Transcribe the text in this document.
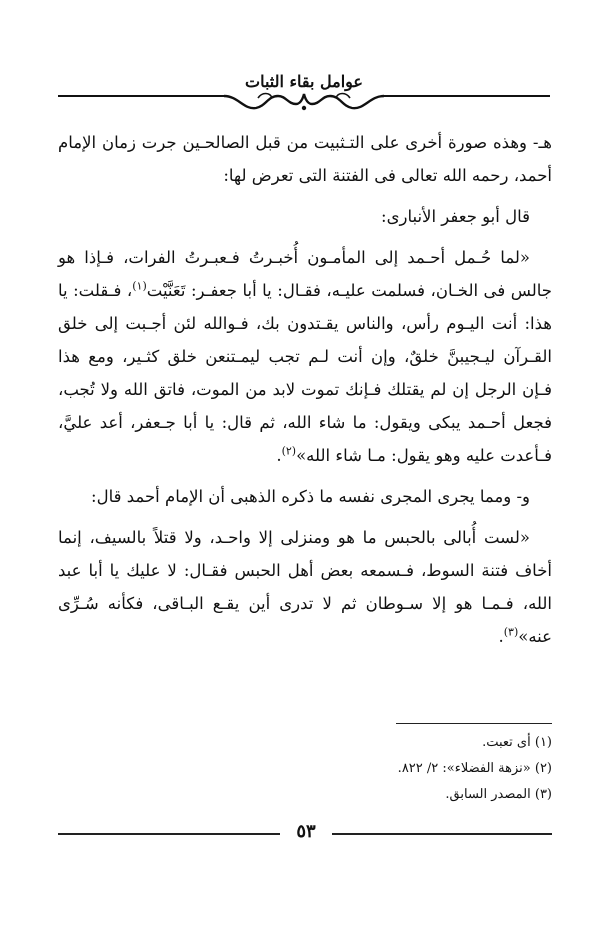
عوامل بقاء الثبات

هـ- وهذه صورة أخرى على التـثبيت من قبل الصالحـين جرت زمان الإمام أحمد، رحمه الله تعالى فى الفتنة التى تعرض لها:

قال أبو جعفر الأنبارى:

«لما حُـمل أحـمد إلى المأمـون أُخبـرتُ فـعبـرتُ الفرات، فـإذا هو جالس فى الخـان، فسلمت عليـه، فقـال: يا أبا جعفـر: تَعَنَّيْت$^{(١)}$، فـقلت: يا هذا: أنت اليـوم رأس، والناس يقـتدون بك، فـوالله لئن أجـبت إلى خلق القـرآن ليـجيبنَّ خلقٌ، وإن أنت لـم تجب ليمـتنعن خلق كثـير، ومع هذا فـإن الرجل إن لم يقتلك فـإنك تموت لابد من الموت، فاتق الله ولا تُجب، فجعل أحـمد يبكى ويقول: ما شاء الله، ثم قال: يا أبا جـعفر، أعد عليَّ، فـأعدت عليه وهو يقول: مـا شاء الله»$^{(٢)}$.

و- ومما يجرى المجرى نفسه ما ذكره الذهبى أن الإمام أحمد قال:

«لست أُبالى بالحبس ما هو ومنزلى إلا واحـد، ولا قتلاً بالسيف، إنما أخاف فتنة السوط، فـسمعه بعض أهل الحبس فقـال: لا عليك يا أبا عبد الله، فـمـا هو إلا سـوطان ثم لا تدرى أين يقـع البـاقى، فكأنه سُـرِّى عنه»$^{(٣)}$.

(١) أى تعبت.
(٢) «نزهة الفضلاء»: ٢/ ٨٢٢.
(٣) المصدر السابق.
٥٣
